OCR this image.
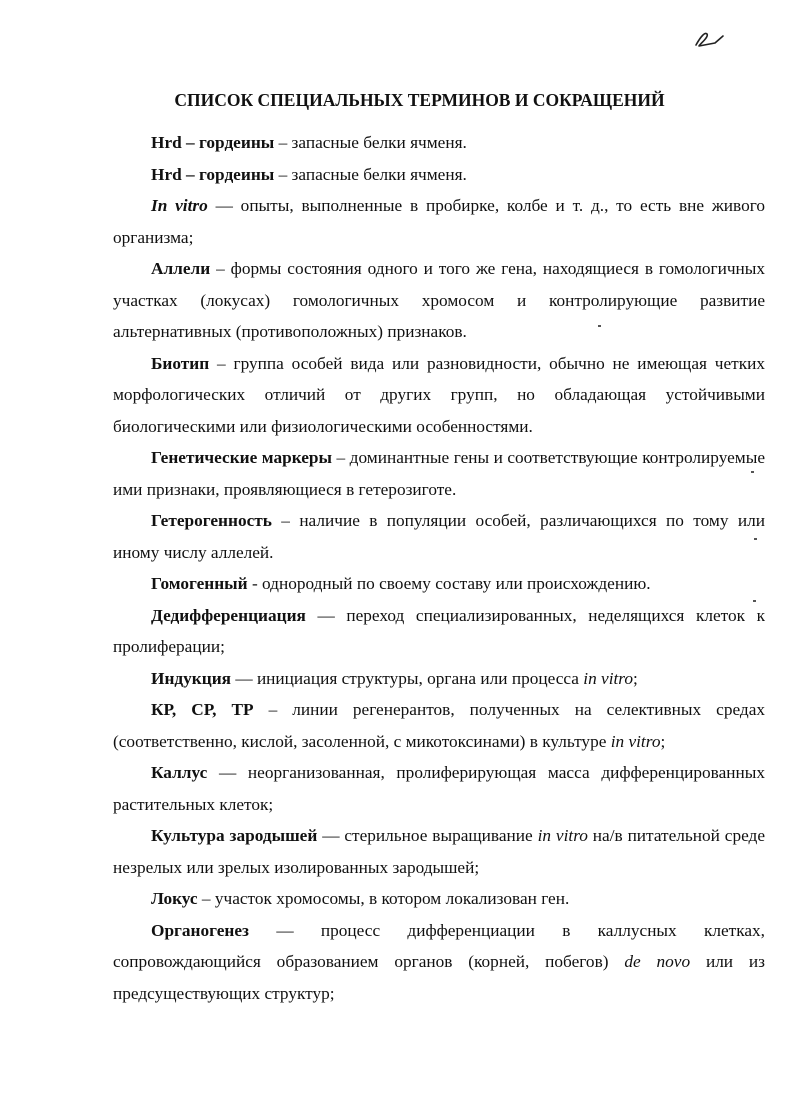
СПИСОК СПЕЦИАЛЬНЫХ ТЕРМИНОВ И СОКРАЩЕНИЙ

Hrd – гордеины – запасные белки ячменя.

Hrd – гордеины – запасные белки ячменя.

In vitro — опыты, выполненные в пробирке, колбе и т. д., то есть вне живого организма;

Аллели – формы состояния одного и того же гена, находящиеся в гомологичных участках (локусах) гомологичных хромосом и контролирующие развитие альтернативных (противоположных) признаков.

Биотип – группа особей вида или разновидности, обычно не имеющая четких морфологических отличий от других групп, но обладающая устойчивыми биологическими или физиологическими особенностями.

Генетические маркеры – доминантные гены и соответствующие контролируемые ими признаки, проявляющиеся в гетерозиготе.

Гетерогенность – наличие в популяции особей, различающихся по тому или иному числу аллелей.

Гомогенный - однородный по своему составу или происхождению.

Дедифференциация — переход специализированных, неделящихся клеток к пролиферации;

Индукция — инициация структуры, органа или процесса in vitro;

КР, СР, ТР – линии регенерантов, полученных на селективных средах (соответственно, кислой, засоленной, с микотоксинами) в культуре in vitro;

Каллус — неорганизованная, пролиферирующая масса дифференцированных растительных клеток;

Культура зародышей — стерильное выращивание in vitro на/в питательной среде незрелых или зрелых изолированных зародышей;

Локус – участок хромосомы, в котором локализован ген.

Органогенез — процесс дифференциации в каллусных клетках, сопровождающийся образованием органов (корней, побегов) de novo или из предсуществующих структур;
